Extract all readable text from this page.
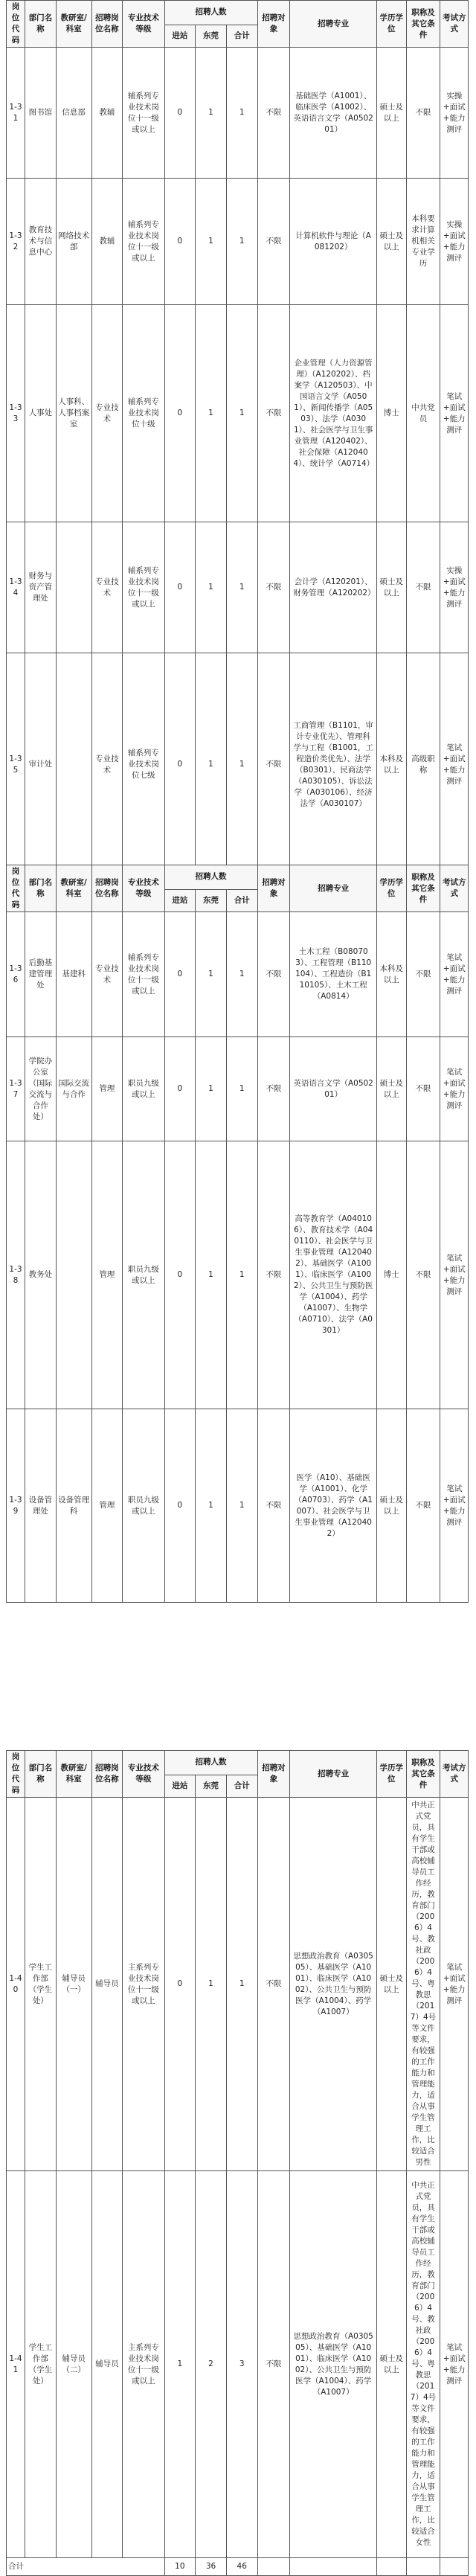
岗位代码	部门名称	教研室/科室	招聘岗位名称	专业技术等级	招聘人数			招聘对象	招聘专业	学历学位	职称及其它条件	考试方式
					进站	东莞	合计					
1-31	图书馆	信息部	教辅	辅系列专业技术岗位十一级或以上	0	1	1	不限	基础医学（A1001）、临床医学（A1002）、英语语言文学（A050201）	硕士及以上	不限	实操+面试+能力测评
1-32	教育技术与信息中心	网络技术部	教辅	辅系列专业技术岗位十一级或以上	0	1	1	不限	计算机软件与理论（A081202）	硕士及以上	本科要求计算机相关专业学历	实操+面试+能力测评
1-33	人事处	人事科、人事档案室	专业技术	辅系列专业技术岗位十级	0	1	1	不限	企业管理（人力资源管理）（A120202）、档案学（A120503）、中国语言文学（A0501）、新闻传播学（A0503）、法学（A0301）、社会医学与卫生事业管理（A120402）、社会保障（A120404）、统计学（A0714）	博士	中共党员	笔试+面试+能力测评
1-34	财务与资产管理处		专业技术	辅系列专业技术岗位十一级或以上	0	1	1	不限	会计学（A120201）、财务管理（A120202）	硕士及以上	不限	实操+面试+能力测评
1-35	审计处		专业技术	辅系列专业技术岗位七级	0	1	1	不限	工商管理（B1101，审计专业优先）、管理科学与工程（B1001，工程造价类优先）、法学（B0301）、民商法学（A030105）、诉讼法学（A030106）、经济法学（A030107）	本科及以上	高级职称	笔试+面试+能力测评
岗位代码	部门名称	教研室/科室	招聘岗位名称	专业技术等级	招聘人数			招聘对象	招聘专业	学历学位	职称及其它条件	考试方式
					进站	东莞	合计					
1-36	后勤基建管理处	基建科	专业技术	辅系列专业技术岗位十一级或以上	0	1	1	不限	土木工程（B080703）、工程管理（B110104）、工程造价（B110105）、土木工程（A0814）	本科及以上	不限	笔试+面试+能力测评
1-37	学院办公室（国际交流与合作处）	国际交流与合作	管理	职员九级或以上	0	1	1	不限	英语语言文学（A050201）	硕士及以上	不限	笔试+面试+能力测评
1-38	教务处		管理	职员九级或以上	0	1	1	不限	高等教育学（A040106）、教育技术学（A040110）、社会医学与卫生事业管理（A120402）、基础医学（A1001）、临床医学（A1002）、公共卫生与预防医学（A1004）、药学（A1007）、生物学（A0710）、法学（A0301）	博士	不限	笔试+面试+能力测评
1-39	设备管理处	设备管理科	管理	职员九级或以上	0	1	1	不限	医学（A10）、基础医学（A1001）、化学（A0703）、药学（A1007）、社会医学与卫生事业管理（A120402）	硕士及以上	不限	笔试+面试+能力测评
岗位代码	部门名称	教研室/科室	招聘岗位名称	专业技术等级	招聘人数			招聘对象	招聘专业	学历学位	职称及其它条件	考试方式
					进站	东莞	合计					
1-40	学生工作部（学生处）	辅导员（一）	辅导员	主系列专业技术岗位十一级或以上	0	1	1	不限	思想政治教育（A030505）、基础医学（A1001）、临床医学（A1002）、公共卫生与预防医学（A1004）、药学（A1007）	硕士及以上	中共正式党员，具有学生干部或高校辅导员工作经历，教育部门（2006）4号、教社政（2006）4号、粤教思（2017）4号等文件要求，有较强的工作能力和管理能力，适合从事学生管理工作，比较适合男性	笔试+面试+能力测评
1-41	学生工作部（学生处）	辅导员（二）	辅导员	主系列专业技术岗位十一级或以上	1	2	3	不限	思想政治教育（A030505）、基础医学（A1001）、临床医学（A1002）、公共卫生与预防医学（A1004）、药学（A1007）	硕士及以上	中共正式党员，具有学生干部或高校辅导员工作经历，教育部门（2006）4号、教社政（2006）4号、粤教思（2017）4号等文件要求，有较强的工作能力和管理能力，适合从事学生管理工作，比较适合女性	笔试+面试+能力测评
合计					10	36	46					
